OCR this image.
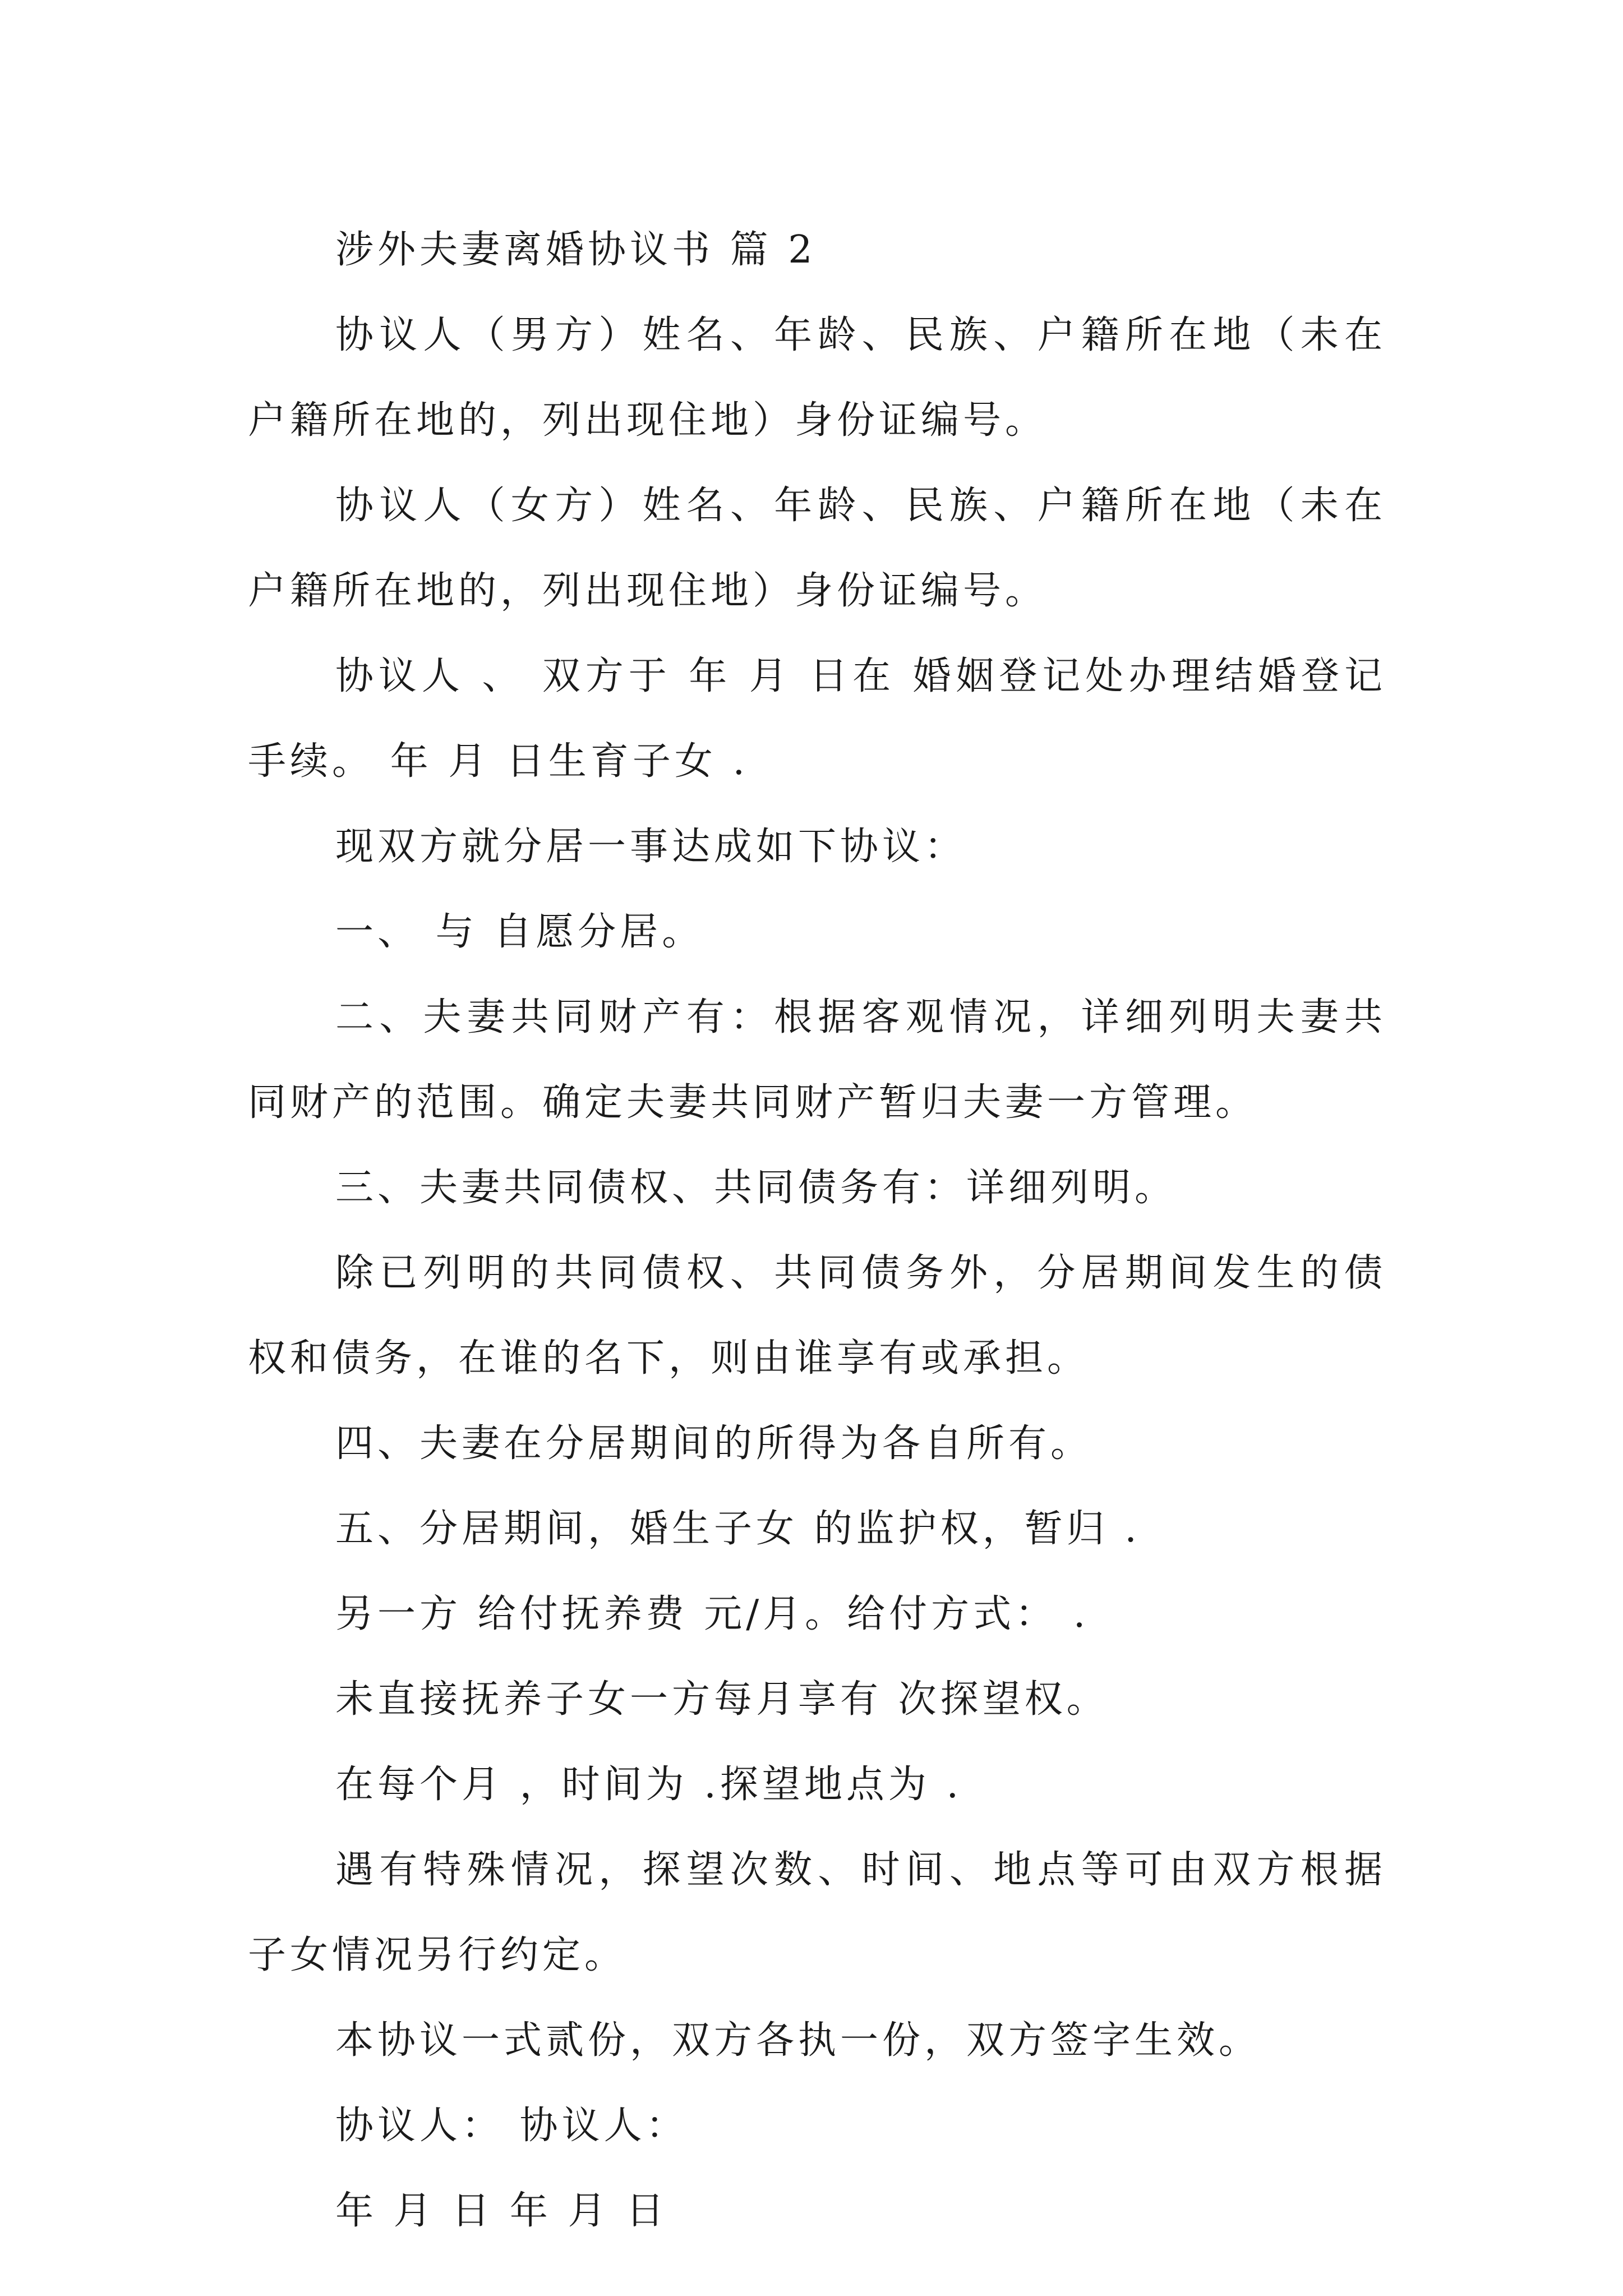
涉外夫妻离婚协议书 篇 2

协议人（男方）姓名、年龄、民族、户籍所在地（未在户籍所在地的，列出现住地）身份证编号。

协议人（女方）姓名、年龄、民族、户籍所在地（未在户籍所在地的，列出现住地）身份证编号。

协议人 、 双方于 年 月 日在 婚姻登记处办理结婚登记手续。 年 月 日生育子女 .

现双方就分居一事达成如下协议：

一、 与 自愿分居。

二、夫妻共同财产有：根据客观情况，详细列明夫妻共同财产的范围。确定夫妻共同财产暂归夫妻一方管理。

三、夫妻共同债权、共同债务有：详细列明。

除已列明的共同债权、共同债务外，分居期间发生的债权和债务，在谁的名下，则由谁享有或承担。

四、夫妻在分居期间的所得为各自所有。

五、分居期间，婚生子女 的监护权，暂归 .

另一方 给付抚养费 元/月。给付方式： .

未直接抚养子女一方每月享有 次探望权。

在每个月 ，时间为 .探望地点为 .

遇有特殊情况，探望次数、时间、地点等可由双方根据子女情况另行约定。

本协议一式贰份，双方各执一份，双方签字生效。

协议人： 协议人：

年 月 日 年 月 日
